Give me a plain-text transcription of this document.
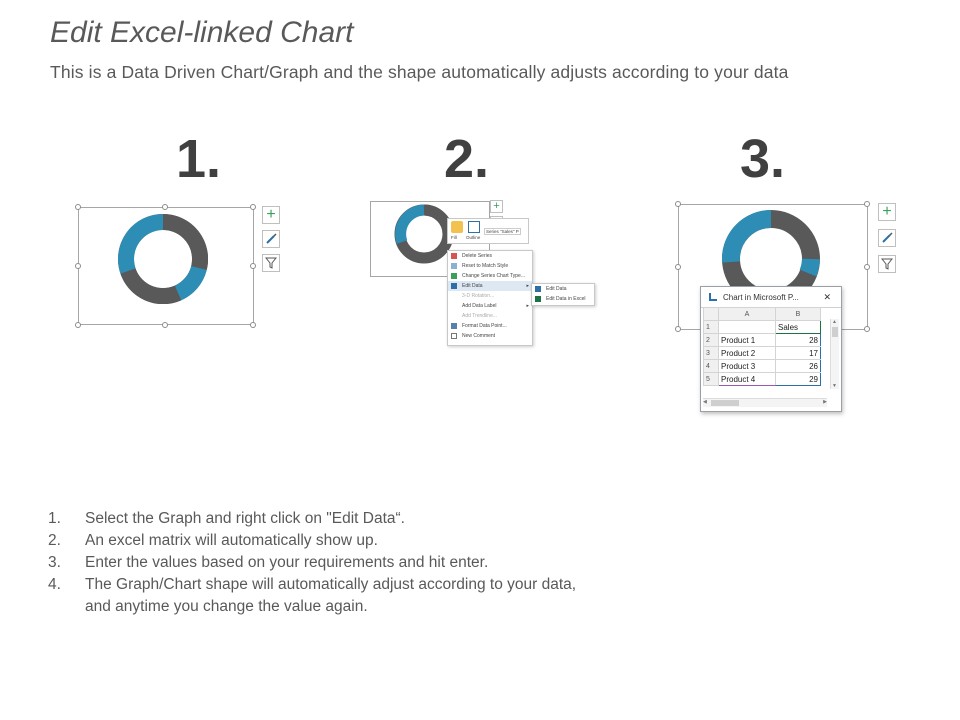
Edit Excel-linked Chart
This is a Data Driven Chart/Graph and the shape automatically adjusts according to your data
1.	2.	3.
+	+
Fill Outline
Series "Sales" P
Delete Series
Reset to Match Style
Change Series Chart Type...
Edit Data	▸
3-D Rotation...
Add Data Label	▸
Add Trendline...
Format Data Point...
New Comment
Edit Data
Edit Data in Excel
+
Chart in Microsoft P...	✕
	A	B
1		Sales
2	Product 1	28
3	Product 2	17
4	Product 3	26
5	Product 4	29
▲
▼
◀	▶
1.	Select the Graph and right click on "Edit Data“.
2.	An excel matrix will automatically show up.
3.	Enter the values based on your requirements and hit enter.
4.	The Graph/Chart shape will automatically adjust according to your data,
and anytime you change the value again.
